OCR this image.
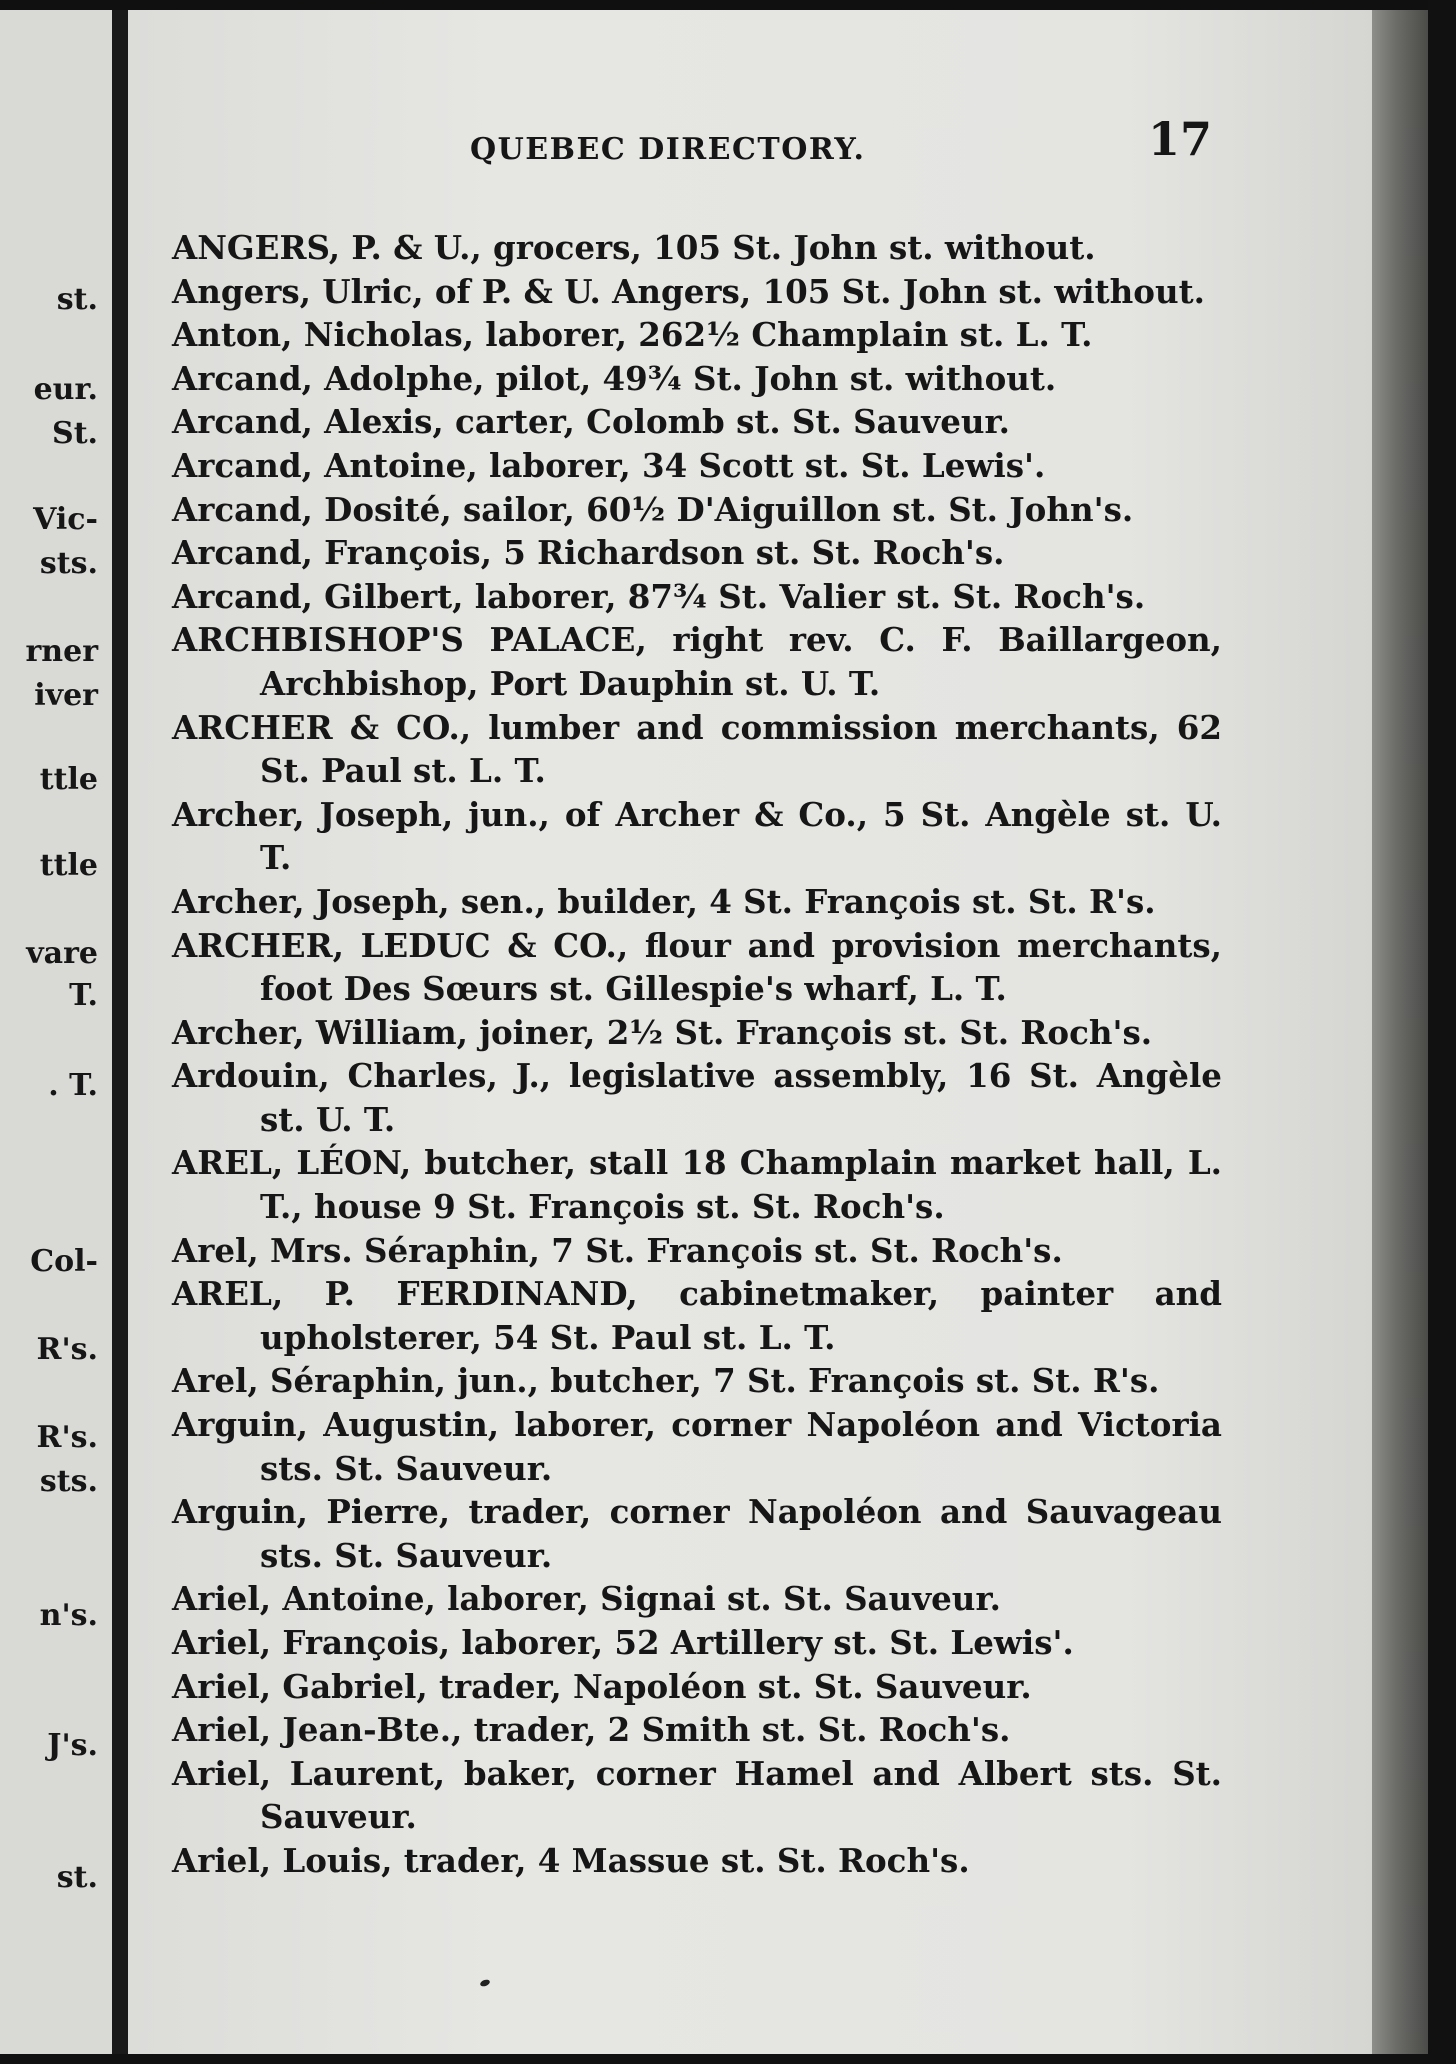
st.
eur.
St.
Vic-
sts.
rner
iver
ttle
ttle
vare
T.
. T.
Col-
R's.
R's.
sts.
n's.
J's.
st.
QUEBEC DIRECTORY.	17

ANGERS, P. & U., grocers, 105 St. John st. without.

Angers, Ulric, of P. & U. Angers, 105 St. John st. without.

Anton, Nicholas, laborer, 262½ Champlain st. L. T.

Arcand, Adolphe, pilot, 49¾ St. John st. without.

Arcand, Alexis, carter, Colomb st. St. Sauveur.

Arcand, Antoine, laborer, 34 Scott st. St. Lewis'.

Arcand, Dosité, sailor, 60½ D'Aiguillon st. St. John's.

Arcand, François, 5 Richardson st. St. Roch's.

Arcand, Gilbert, laborer, 87¾ St. Valier st. St. Roch's.

ARCHBISHOP'S PALACE, right rev. C. F. Baillargeon, Archbishop, Port Dauphin st. U. T.

ARCHER & CO., lumber and commission merchants, 62 St. Paul st. L. T.

Archer, Joseph, jun., of Archer & Co., 5 St. Angèle st. U. T.

Archer, Joseph, sen., builder, 4 St. François st. St. R's.

ARCHER, LEDUC & CO., flour and provision merchants, foot Des Sœurs st. Gillespie's wharf, L. T.

Archer, William, joiner, 2½ St. François st. St. Roch's.

Ardouin, Charles, J., legislative assembly, 16 St. Angèle st. U. T.

AREL, LÉON, butcher, stall 18 Champlain market hall, L. T., house 9 St. François st. St. Roch's.

Arel, Mrs. Séraphin, 7 St. François st. St. Roch's.

AREL, P. FERDINAND, cabinetmaker, painter and upholsterer, 54 St. Paul st. L. T.

Arel, Séraphin, jun., butcher, 7 St. François st. St. R's.

Arguin, Augustin, laborer, corner Napoléon and Victoria sts. St. Sauveur.

Arguin, Pierre, trader, corner Napoléon and Sauvageau sts. St. Sauveur.

Ariel, Antoine, laborer, Signai st. St. Sauveur.

Ariel, François, laborer, 52 Artillery st. St. Lewis'.

Ariel, Gabriel, trader, Napoléon st. St. Sauveur.

Ariel, Jean-Bte., trader, 2 Smith st. St. Roch's.

Ariel, Laurent, baker, corner Hamel and Albert sts. St. Sauveur.

Ariel, Louis, trader, 4 Massue st. St. Roch's.
